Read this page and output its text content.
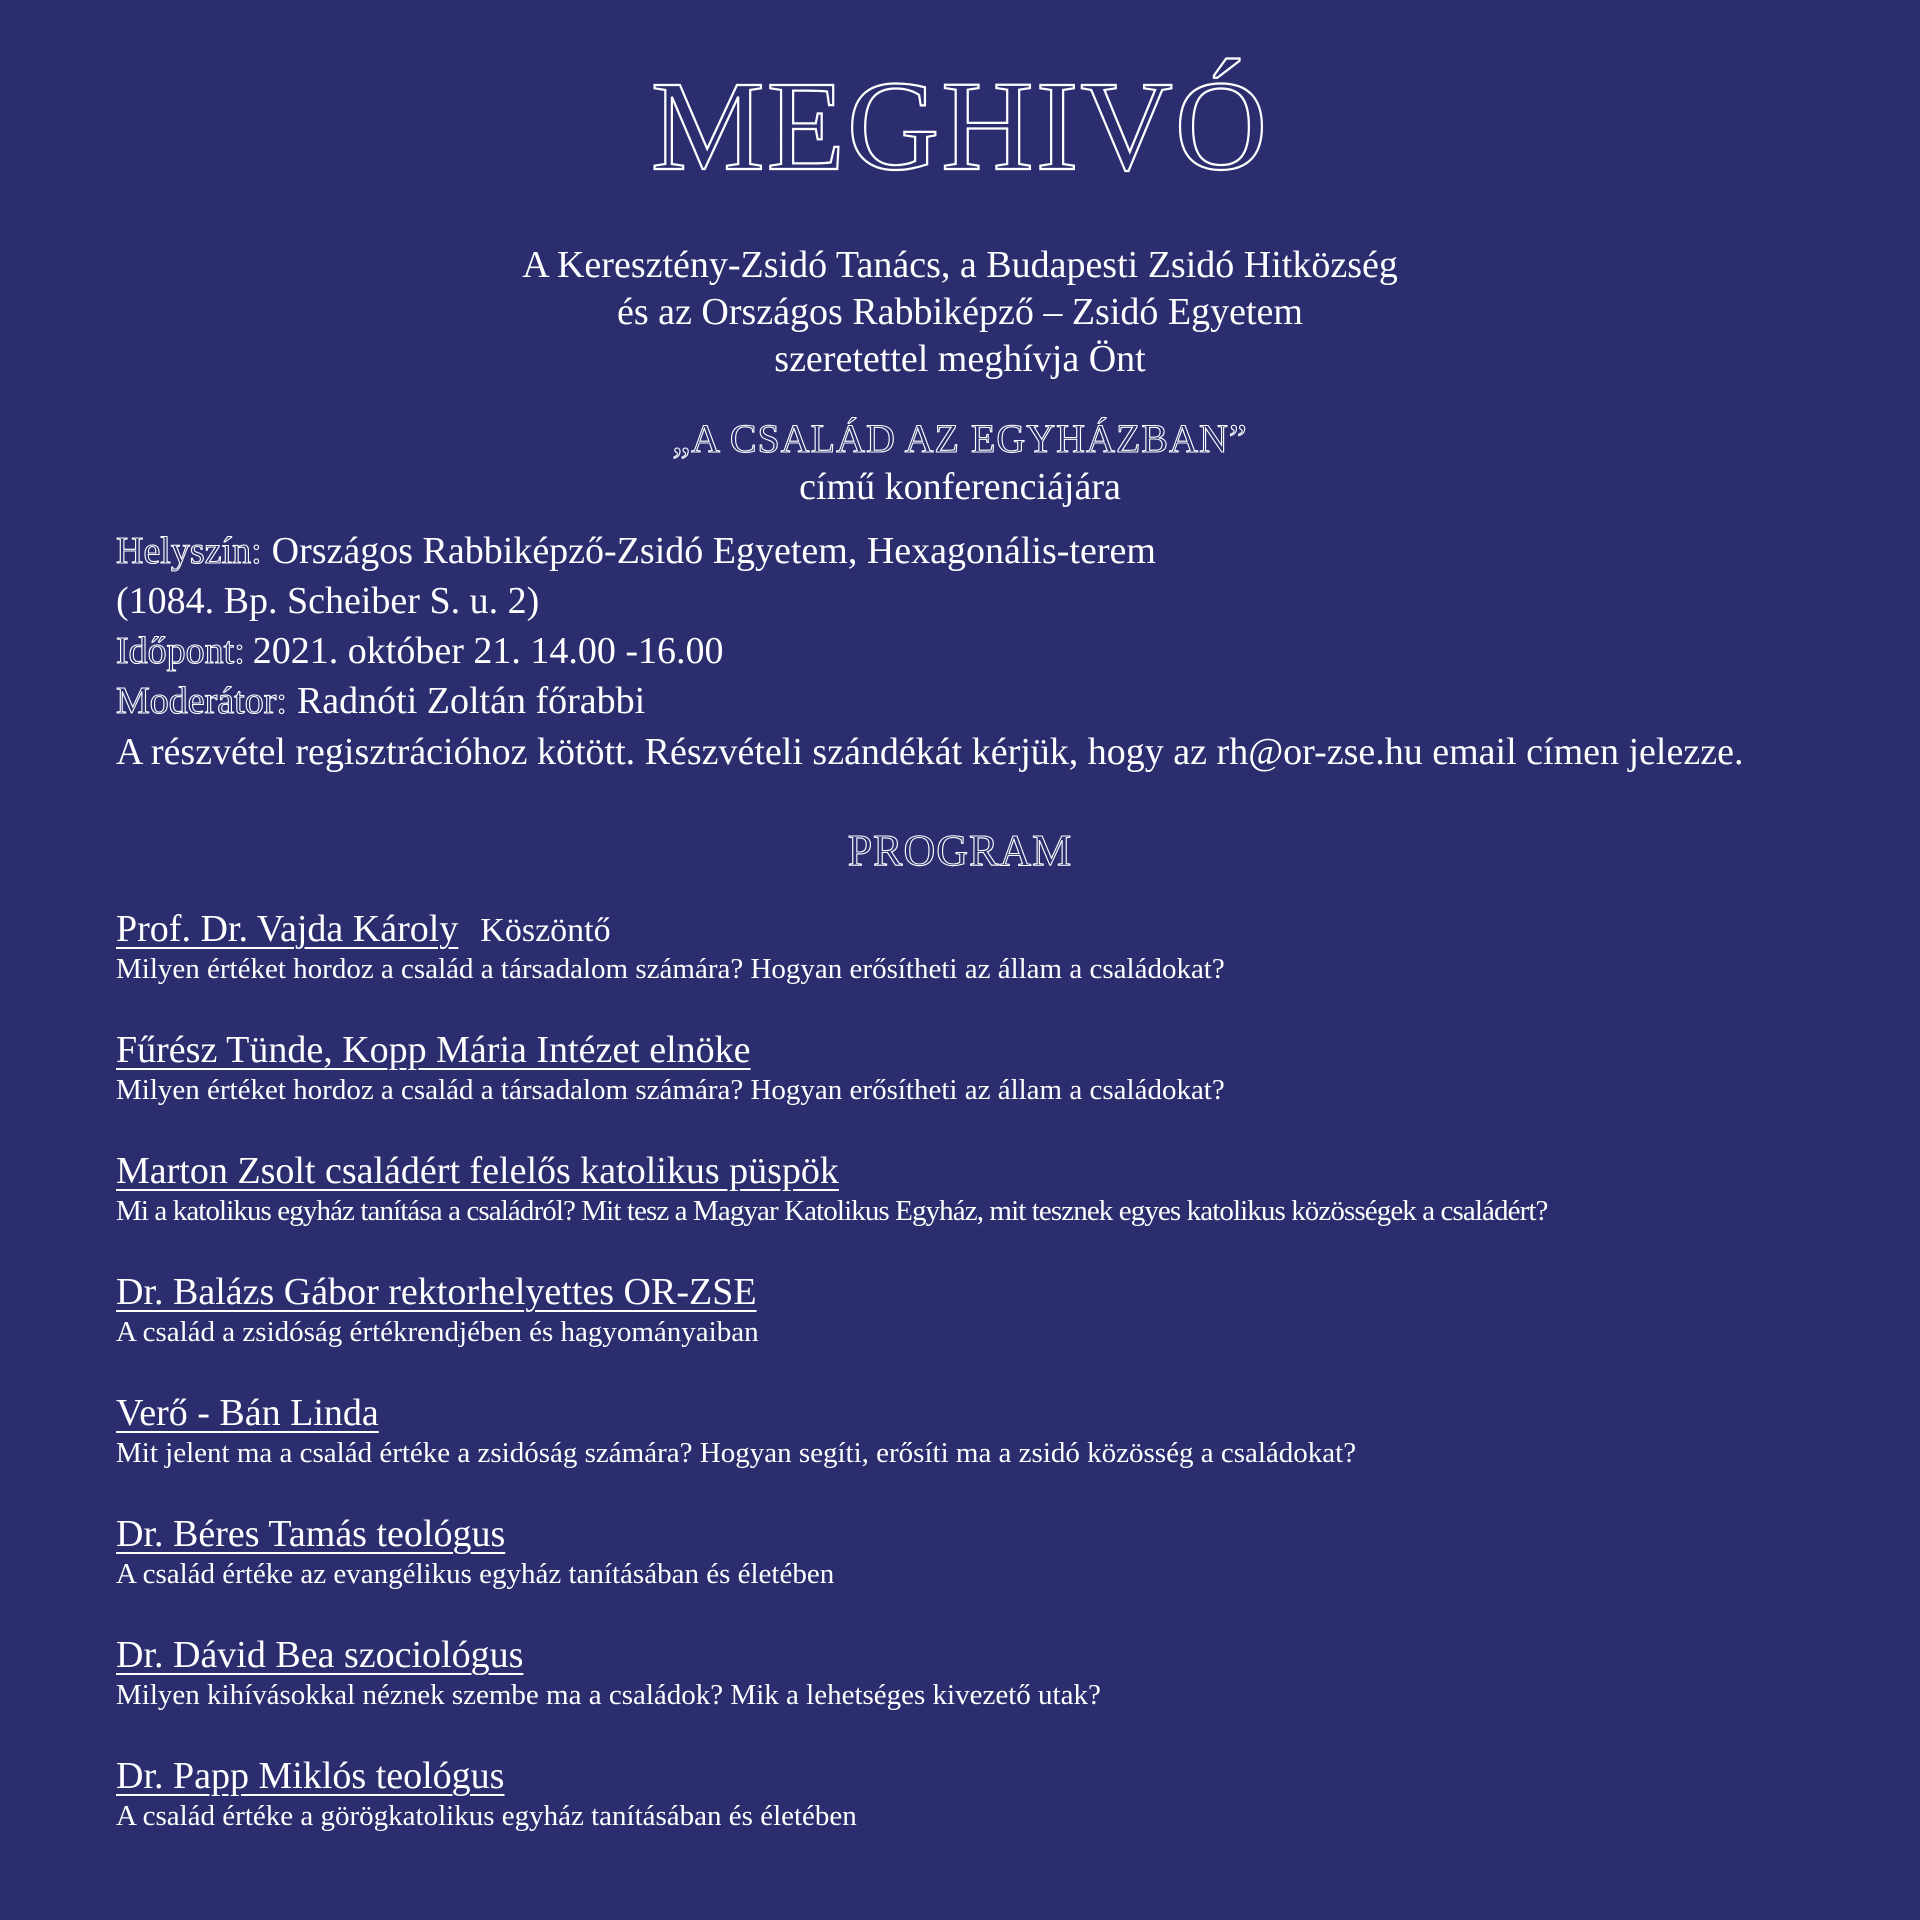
MEGHIVÓ
A Keresztény-Zsidó Tanács, a Budapesti Zsidó Hitközség
és az Országos Rabbiképző – Zsidó Egyetem
szeretettel meghívja Önt
„A CSALÁD AZ EGYHÁZBAN”
című konferenciájára
Helyszín: Országos Rabbiképző-Zsidó Egyetem, Hexagonális-terem
(1084. Bp. Scheiber S. u. 2)
Időpont: 2021. október 21. 14.00 -16.00
Moderátor: Radnóti Zoltán főrabbi
A részvétel regisztrációhoz kötött. Részvételi szándékát kérjük, hogy az rh@or-zse.hu email címen jelezze.
PROGRAM
Prof. Dr. Vajda Károly Köszöntő
Milyen értéket hordoz a család a társadalom számára? Hogyan erősítheti az állam a családokat?
Fűrész Tünde, Kopp Mária Intézet elnöke
Milyen értéket hordoz a család a társadalom számára? Hogyan erősítheti az állam a családokat?
Marton Zsolt családért felelős katolikus püspök
Mi a katolikus egyház tanítása a családról? Mit tesz a Magyar Katolikus Egyház, mit tesznek egyes katolikus közösségek a családért?
Dr. Balázs Gábor rektorhelyettes OR-ZSE
A család a zsidóság értékrendjében és hagyományaiban
Verő - Bán Linda
Mit jelent ma a család értéke a zsidóság számára? Hogyan segíti, erősíti ma a zsidó közösség a családokat?
Dr. Béres Tamás teológus
A család értéke az evangélikus egyház tanításában és életében
Dr. Dávid Bea szociológus
Milyen kihívásokkal néznek szembe ma a családok? Mik a lehetséges kivezető utak?
Dr. Papp Miklós teológus
A család értéke a görögkatolikus egyház tanításában és életében
